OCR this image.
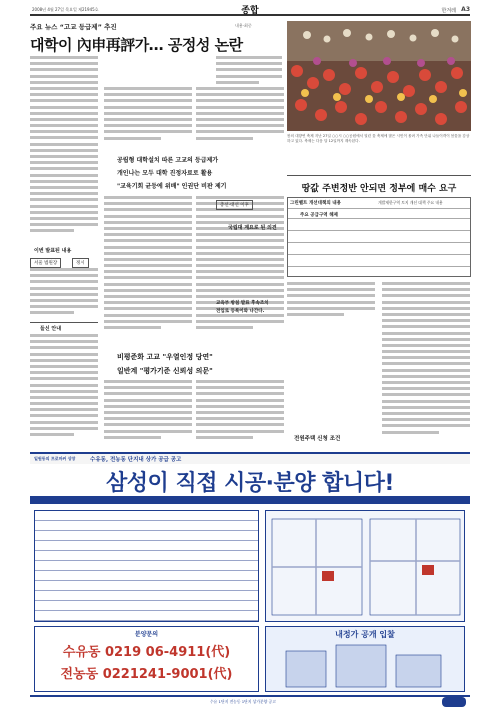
2008년 4월 27일 목요일 제21945호	종합	한겨레 A3
주요 뉴스 “고교 등급제” 추진	내용·최중
대학이 內申再評가… 공정성 논란
이번 발표된 내용
서울 법원장	정시
들신 안내
공립형 대학설치 따른 고교의 등급제가
개인나는 모두 대학 진정자료로 활용
"교육기회 균등에 위배" 인권단 비판 제기
비평준화 고교 "우열인정 당연"
일반계 "평가기준 신뢰성 의문"
총선·대선 이후
국립대 계요로 된 의견
교육부 방침 발표 후속조치
전입로 등록이와 나간다.
봄의 대향연 축제 지난 27일 ○○시 ○○공원에서 열린 꽃 축제에 많은 시민이 몰려 가족 단위 나들이객이 봄꽃을 감상하고 있다. 축제는 다음 달 12일까지 계속된다.
땅값 주변정반 안되면 정부에 매수 요구
개발제한구역 토지 개선 대책 주요 내용
그린벨트 개선대책의 내용
주요 공급구역 해제
전원주택 신청 조건
일원동의 프로마커 상장	수유동, 전농동 단지내 상가 공급 공고
삼성이 직접 시공·분양 합니다!
분양문의
수유동 0219 06-4911(代)
전농동 0221241-9001(代)
내정가 공개 입찰
수유 1단지 전농동 1단지 상가분양 공고
